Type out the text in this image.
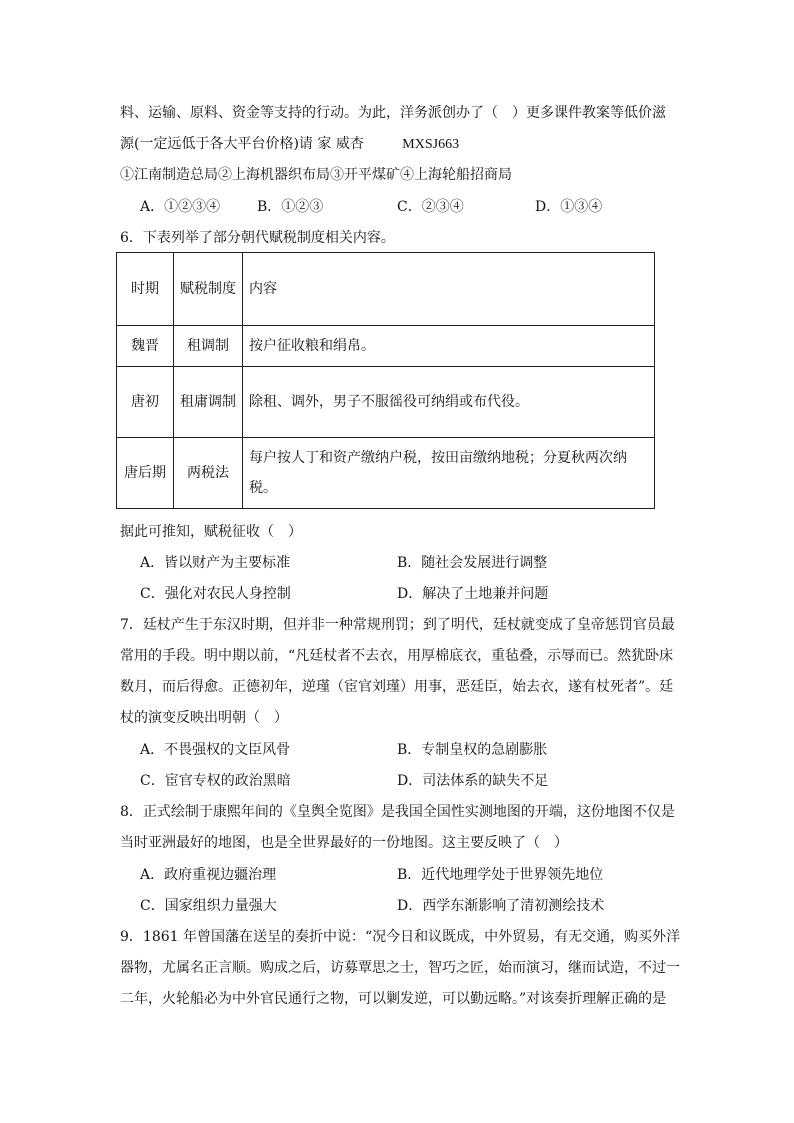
料、运输、原料、资金等支持的行动。为此，洋务派创办了（　）更多课件教案等低价滋
源(一定远低于各大平台价格)请 家 威杏	MXSJ663
①江南制造总局②上海机器织布局③开平煤矿④上海轮船招商局
A．①②③④	B．①②③	C．②③④	D．①③④
6．下表列举了部分朝代赋税制度相关内容。
时期	赋税制度	内容
魏晋	租调制	按户征收粮和绢帛。
唐初	租庸调制	除租、调外，男子不服徭役可纳绢或布代役。
唐后期	两税法	每户按人丁和资产缴纳户税，按田亩缴纳地税；分夏秋两次纳税。
据此可推知，赋税征收（　）
A．皆以财产为主要标准	B．随社会发展进行调整
C．强化对农民人身控制	D．解决了土地兼并问题
7．廷杖产生于东汉时期，但并非一种常规刑罚；到了明代，廷杖就变成了皇帝惩罚官员最
常用的手段。明中期以前，“凡廷杖者不去衣，用厚棉底衣，重毡叠，示辱而已。然犹卧床
数月，而后得愈。正德初年，逆瑾（宦官刘瑾）用事，恶廷臣，始去衣，遂有杖死者”。廷
杖的演变反映出明朝（　）
A．不畏强权的文臣风骨	B．专制皇权的急剧膨胀
C．宦官专权的政治黑暗	D．司法体系的缺失不足
8．正式绘制于康熙年间的《皇舆全览图》是我国全国性实测地图的开端，这份地图不仅是
当时亚洲最好的地图，也是全世界最好的一份地图。这主要反映了（　）
A．政府重视边疆治理	B．近代地理学处于世界领先地位
C．国家组织力量强大	D．西学东渐影响了清初测绘技术
9．1861 年曾国藩在送呈的奏折中说：“况今日和议既成，中外贸易，有无交通，购买外洋
器物，尤属名正言顺。购成之后，访募覃思之士，智巧之匠，始而演习，继而试造，不过一
二年，火轮船必为中外官民通行之物，可以剿发逆，可以勤远略。”对该奏折理解正确的是
